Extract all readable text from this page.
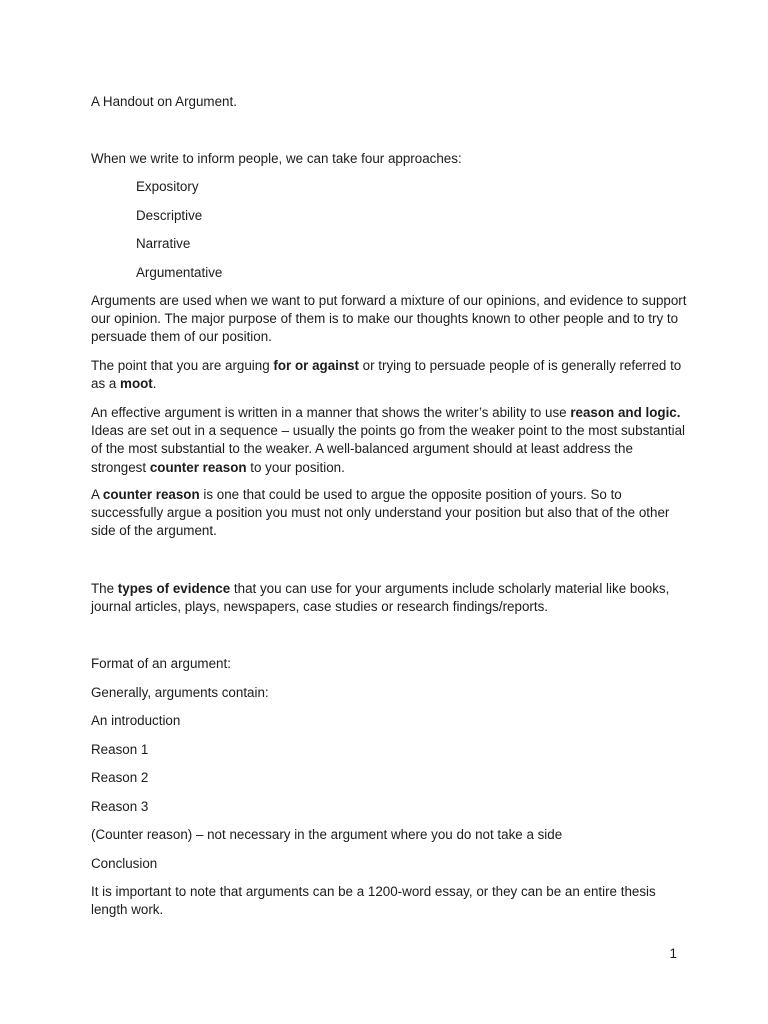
A Handout on Argument.

When we write to inform people, we can take four approaches:

Expository

Descriptive

Narrative

Argumentative

Arguments are used when we want to put forward a mixture of our opinions, and evidence to support our opinion. The major purpose of them is to make our thoughts known to other people and to try to persuade them of our position.

The point that you are arguing for or against or trying to persuade people of is generally referred to as a moot.

An effective argument is written in a manner that shows the writer’s ability to use reason and logic. Ideas are set out in a sequence – usually the points go from the weaker point to the most substantial of the most substantial to the weaker. A well-balanced argument should at least address the strongest counter reason to your position.

A counter reason is one that could be used to argue the opposite position of yours. So to successfully argue a position you must not only understand your position but also that of the other side of the argument.

The types of evidence that you can use for your arguments include scholarly material like books, journal articles, plays, newspapers, case studies or research findings/reports.

Format of an argument:

Generally, arguments contain:

An introduction

Reason 1

Reason 2

Reason 3

(Counter reason) – not necessary in the argument where you do not take a side

Conclusion

It is important to note that arguments can be a 1200-word essay, or they can be an entire thesis length work.

1
